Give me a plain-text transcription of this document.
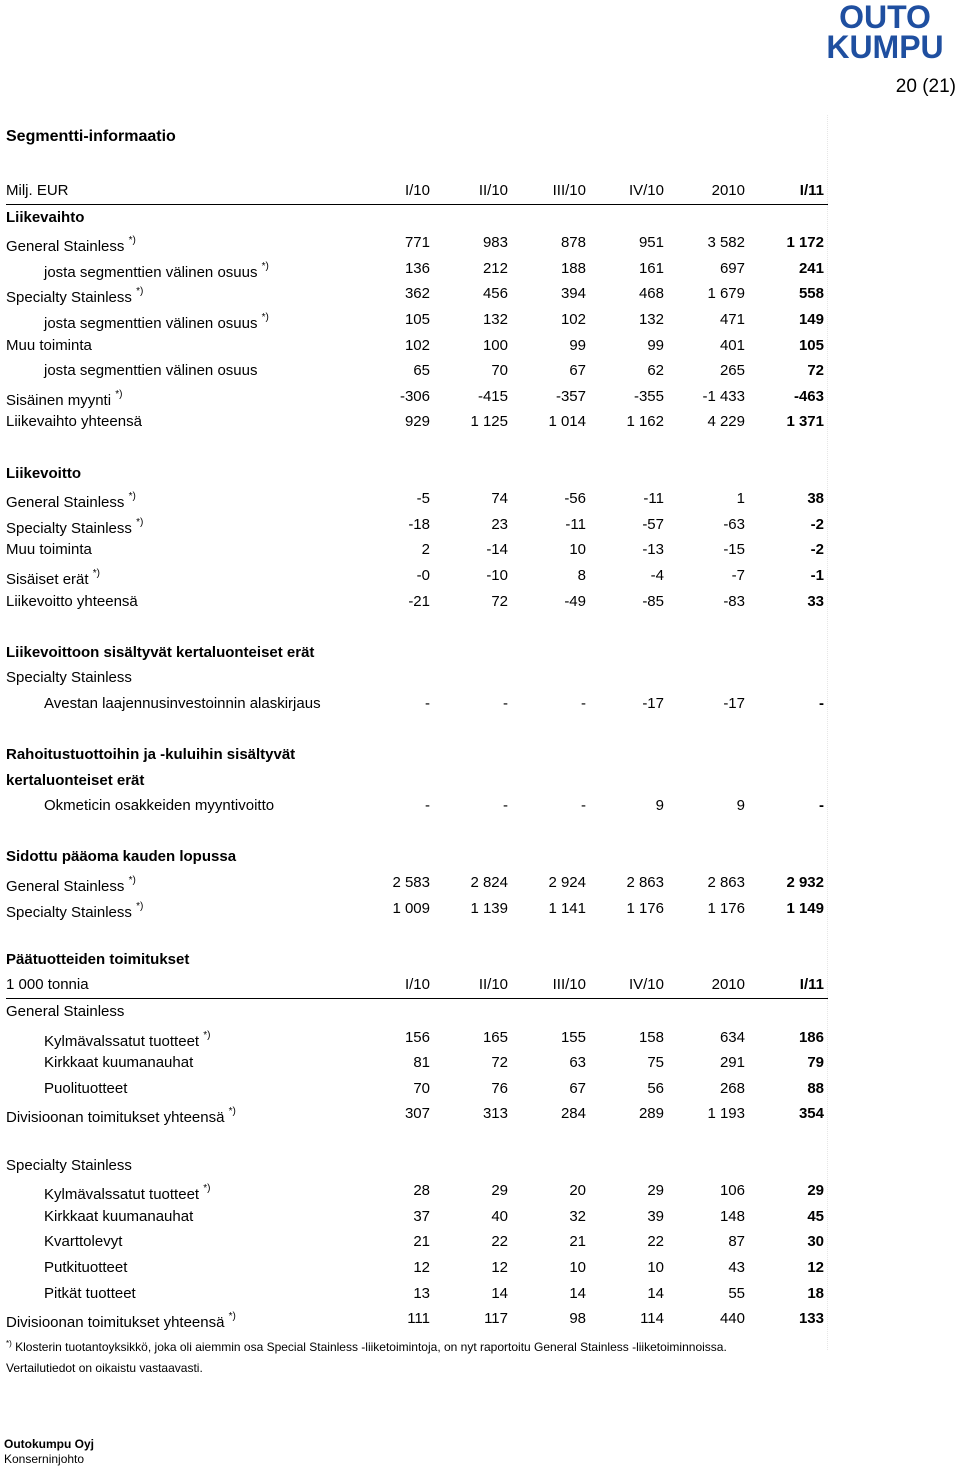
OUTO
KUMPU
20 (21)
Segmentti-informaatio
Milj. EUR	I/10	II/10	III/10	IV/10	2010	I/11
Liikevaihto
General Stainless *)	771	983	878	951	3 582	1 172
josta segmenttien välinen osuus *)	136	212	188	161	697	241
Specialty Stainless *)	362	456	394	468	1 679	558
josta segmenttien välinen osuus *)	105	132	102	132	471	149
Muu toiminta	102	100	99	99	401	105
josta segmenttien välinen osuus	65	70	67	62	265	72
Sisäinen myynti *)	-306	-415	-357	-355	-1 433	-463
Liikevaihto yhteensä	929	1 125	1 014	1 162	4 229	1 371
Liikevoitto
General Stainless *)	-5	74	-56	-11	1	38
Specialty Stainless *)	-18	23	-11	-57	-63	-2
Muu toiminta	2	-14	10	-13	-15	-2
Sisäiset erät *)	-0	-10	8	-4	-7	-1
Liikevoitto yhteensä	-21	72	-49	-85	-83	33
Liikevoittoon sisältyvät kertaluonteiset erät
Specialty Stainless
Avestan laajennusinvestoinnin alaskirjaus	-	-	-	-17	-17	-
Rahoitustuottoihin ja -kuluihin sisältyvät
kertaluonteiset erät
Okmeticin osakkeiden myyntivoitto	-	-	-	9	9	-
Sidottu pääoma kauden lopussa
General Stainless *)	2 583	2 824	2 924	2 863	2 863	2 932
Specialty Stainless *)	1 009	1 139	1 141	1 176	1 176	1 149
Päätuotteiden toimitukset
1 000 tonnia	I/10	II/10	III/10	IV/10	2010	I/11
General Stainless
Kylmävalssatut tuotteet *)	156	165	155	158	634	186
Kirkkaat kuumanauhat	81	72	63	75	291	79
Puolituotteet	70	76	67	56	268	88
Divisioonan toimitukset yhteensä *)	307	313	284	289	1 193	354
Specialty Stainless
Kylmävalssatut tuotteet *)	28	29	20	29	106	29
Kirkkaat kuumanauhat	37	40	32	39	148	45
Kvarttolevyt	21	22	21	22	87	30
Putkituotteet	12	12	10	10	43	12
Pitkät tuotteet	13	14	14	14	55	18
Divisioonan toimitukset yhteensä *)	111	117	98	114	440	133
*) Klosterin tuotantoyksikkö, joka oli aiemmin osa Special Stainless -liiketoimintoja, on nyt raportoitu General Stainless -liiketoiminnoissa.
Vertailutiedot on oikaistu vastaavasti.
Outokumpu Oyj
Konserninjohto
